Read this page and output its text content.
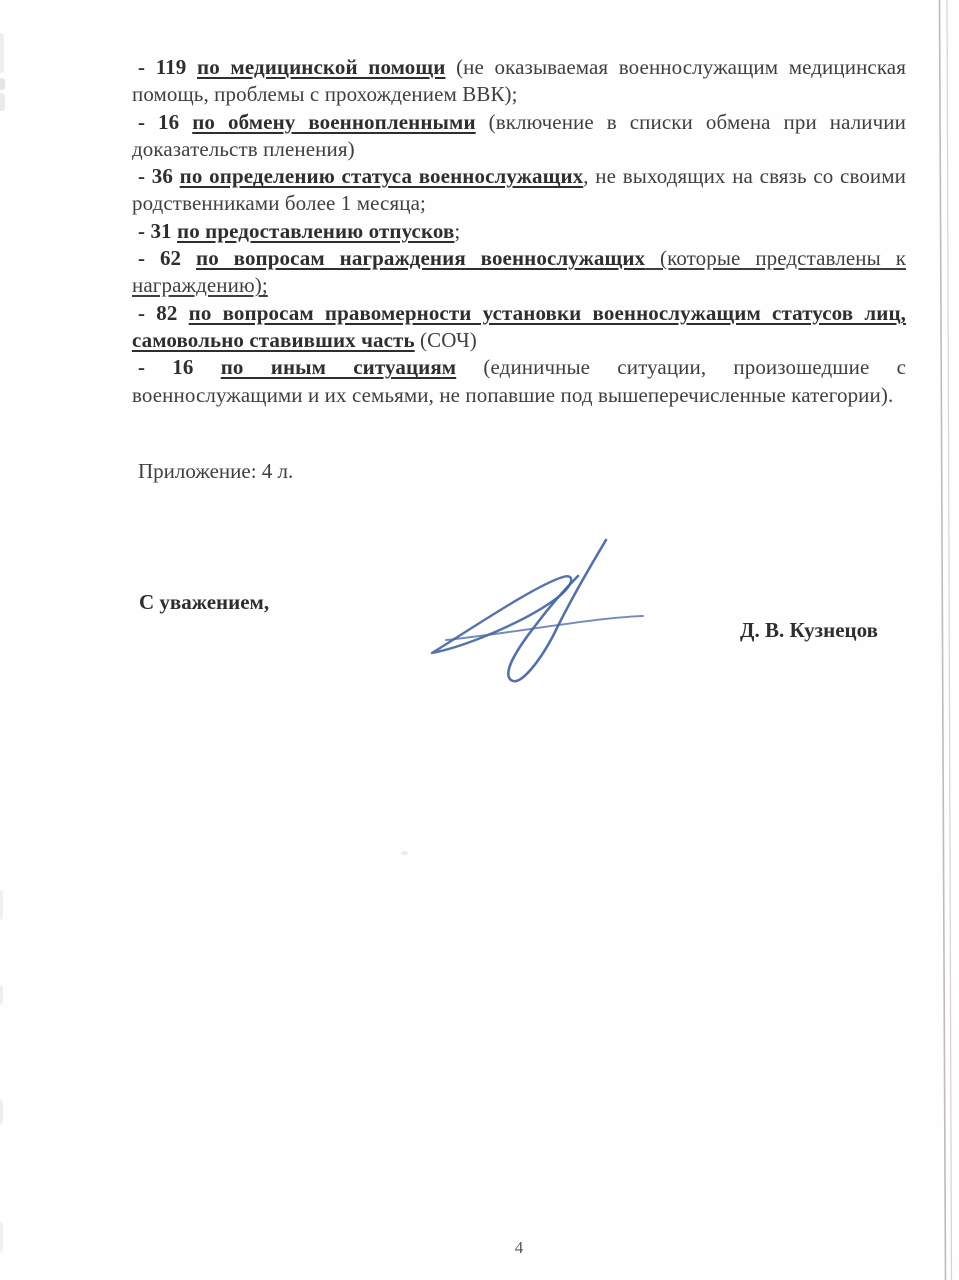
- 119 по медицинской помощи (не оказываемая военнослужащим медицинская помощь, проблемы с прохождением ВВК);

- 16 по обмену военнопленными (включение в списки обмена при наличии доказательств пленения)

- 36 по определению статуса военнослужащих, не выходящих на связь со своими родственниками более 1 месяца;

- 31 по предоставлению отпусков;

- 62 по вопросам награждения военнослужащих (которые представлены к награждению);

- 82 по вопросам правомерности установки военнослужащим статусов лиц, самовольно ставивших часть (СОЧ)

- 16 по иным ситуациям (единичные ситуации, произошедшие с военнослужащими и их семьями, не попавшие под вышеперечисленные категории).

Приложение: 4 л.

С уважением,
Д. В. Кузнецов
4
